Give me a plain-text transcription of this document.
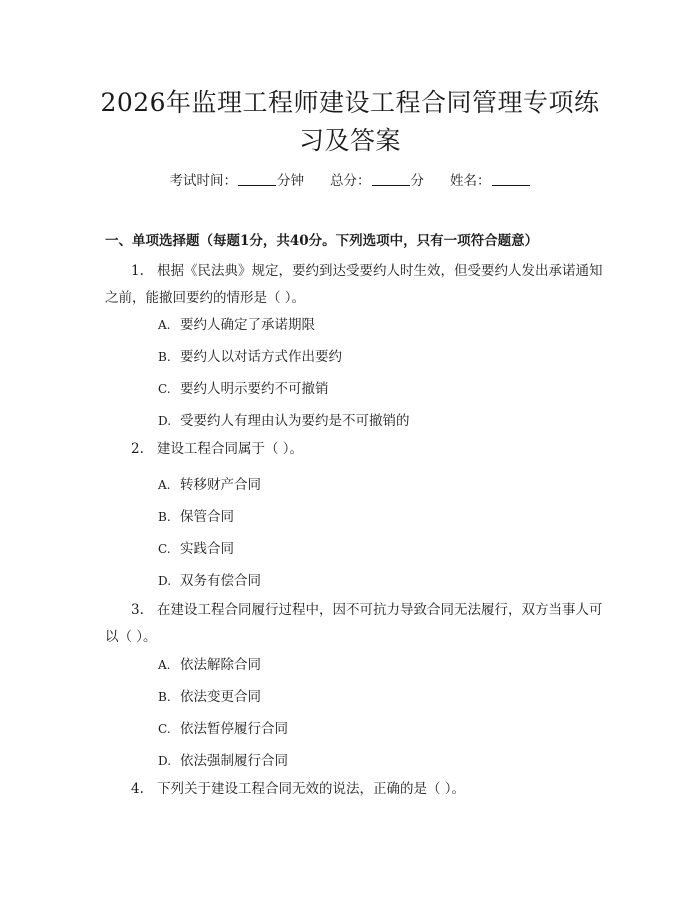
2026年监理工程师建设工程合同管理专项练
习及答案
考试时间：	分钟 总分：	分 姓名：
一、单项选择题（每题1分，共40分。下列选项中，只有一项符合题意）
1. 根据《民法典》规定，要约到达受要约人时生效，但受要约人发出承诺通知之前，能撤回要约的情形是（ ）。
A. 要约人确定了承诺期限
B. 要约人以对话方式作出要约
C. 要约人明示要约不可撤销
D. 受要约人有理由认为要约是不可撤销的
2. 建设工程合同属于（ ）。
A. 转移财产合同
B. 保管合同
C. 实践合同
D. 双务有偿合同
3. 在建设工程合同履行过程中，因不可抗力导致合同无法履行，双方当事人可以（ ）。
A. 依法解除合同
B. 依法变更合同
C. 依法暂停履行合同
D. 依法强制履行合同
4. 下列关于建设工程合同无效的说法，正确的是（ ）。
